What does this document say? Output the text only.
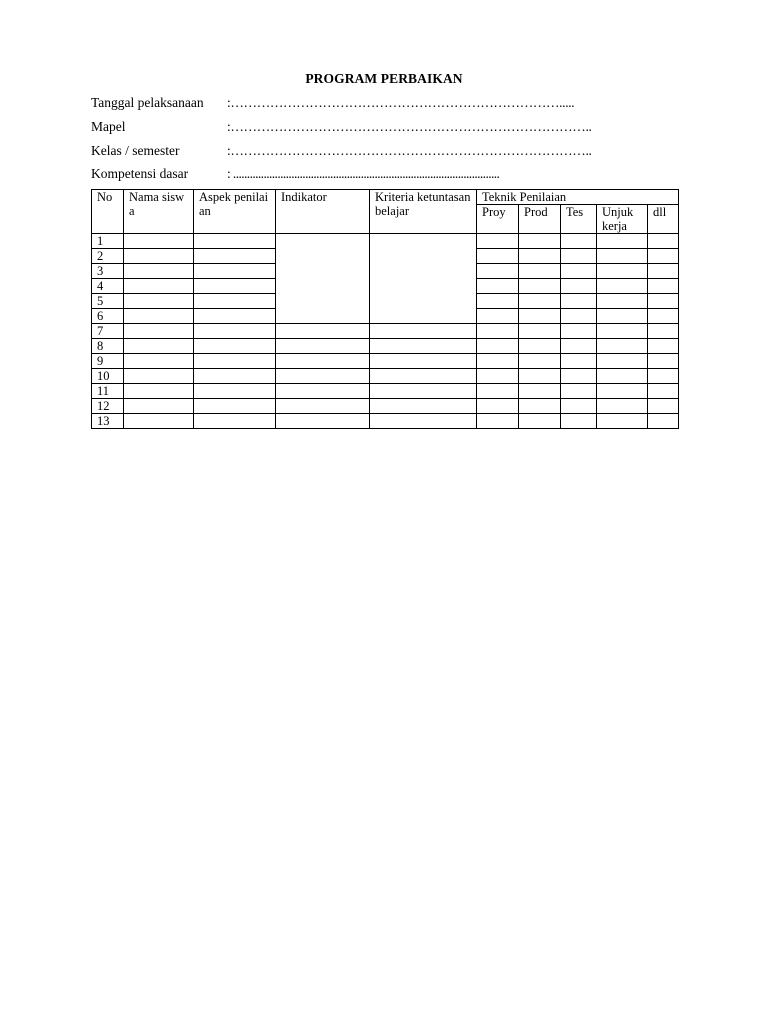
PROGRAM PERBAIKAN
Tanggal pelaksanaan :………………………………………………………………….....
Mapel	:………………………………………………………………………..
Kelas / semester	:………………………………………………………………………..
Kompetensi dasar	: ................................................................................................
No	Nama siswa	Aspek penilaian	Indikator	Kriteria ketuntasan belajar	Teknik Penilaian				
					Proy	Prod	Tes	Unjuk kerja	dll
1									
2									
3									
4									
5									
6									
7									
8									
9									
10									
11									
12									
13									
